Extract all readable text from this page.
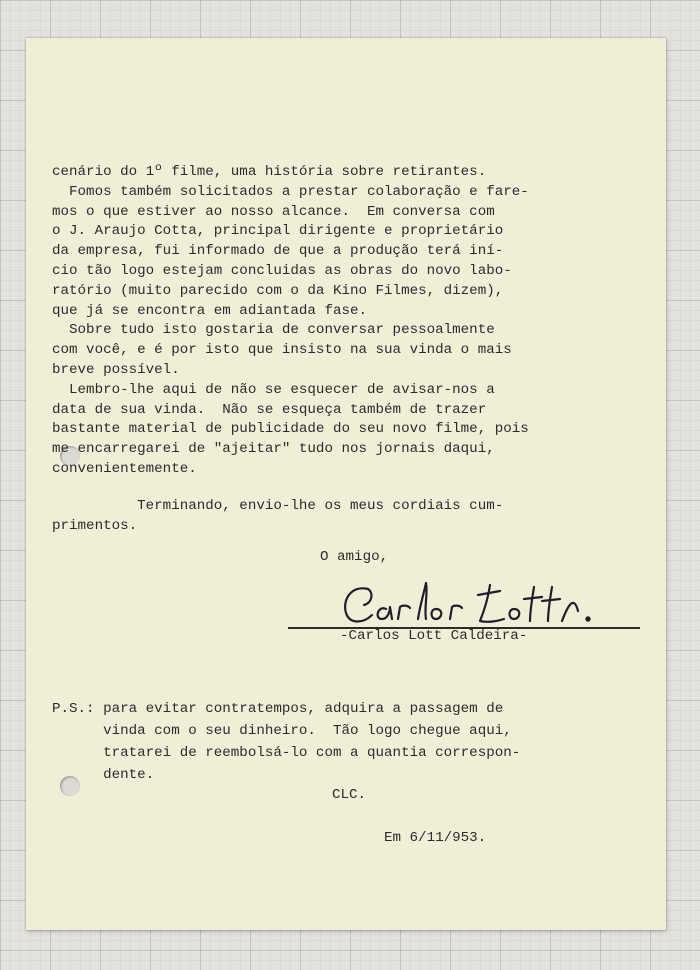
cenário do 1º filme, uma história sobre retirantes.

Fomos também solicitados a prestar colaboração e fare-

mos o que estiver ao nosso alcance.  Em conversa com

o J. Araujo Cotta, principal dirigente e proprietário

da empresa, fui informado de que a produção terá iní-

cio tão logo estejam concluidas as obras do novo labo-

ratório (muito parecido com o da Kino Filmes, dizem),

que já se encontra em adiantada fase.

Sobre tudo isto gostaria de conversar pessoalmente

com você, e é por isto que insisto na sua vinda o mais

breve possível.

Lembro-lhe aqui de não se esquecer de avisar-nos a

data de sua vinda.  Não se esqueça também de trazer

bastante material de publicidade do seu novo filme, pois

me encarregarei de "ajeitar" tudo nos jornais daqui,

convenientemente.

Terminando, envio-lhe os meus cordiais cum-

primentos.

O amigo,

-Carlos Lott Caldeira-

P.S.: para evitar contratempos, adquira a passagem de

vinda com o seu dinheiro.  Tão logo chegue aqui,

tratarei de reembolsá-lo com a quantia correspon-

dente.

CLC.

Em 6/11/953.
